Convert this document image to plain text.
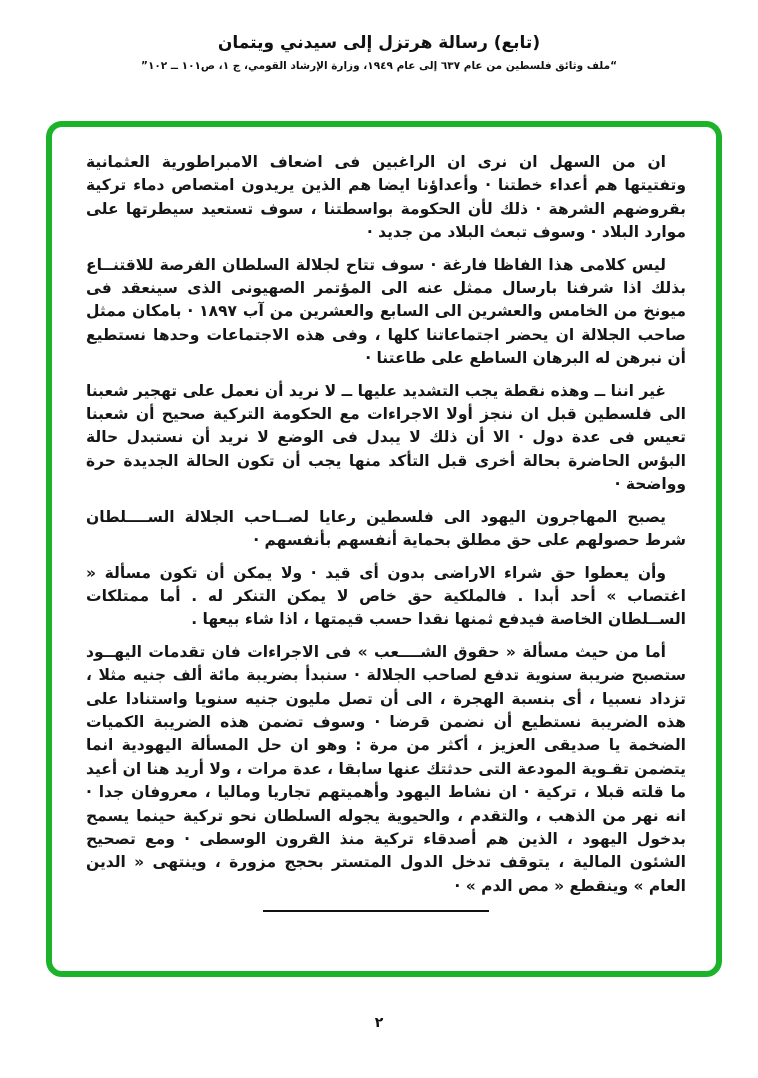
(تابع) رسالة هرتزل إلى سيدني ويتمان
“ملف وثائق فلسطين من عام ٦٣٧ إلى عام ١٩٤٩، وزارة الإرشاد القومي، ج ١، ص١٠١ ــ ١٠٢”

ان من السهل ان نرى ان الراغبين فى اضعاف الامبراطورية العثمانية وتفتيتها هم أعداء خطتنا · وأعداؤنا ايضا هم الذين يريدون امتصاص دماء تركية بقروضهم الشرهة · ذلك لأن الحكومة بواسطتنا ، سوف تستعيد سيطرتها على موارد البلاد · وسوف تبعث البلاد من جديد ·

ليس كلامى هذا الفاظا فارغة · سوف تتاح لجلالة السلطان الفرصة للاقتنــاع بذلك اذا شرفنا بارسال ممثل عنه الى المؤتمر الصهيونى الذى سينعقد فى ميونخ من الخامس والعشرين الى السابع والعشرين من آب ١٨٩٧ · بامكان ممثل صاحب الجلالة ان يحضر اجتماعاتنا كلها ، وفى هذه الاجتماعات وحدها نستطيع أن نبرهن له البرهان الساطع على طاعتنا ·

غير اننا ــ وهذه نقطة يجب التشديد عليها ــ لا نريد أن نعمل على تهجير شعبنا الى فلسطين قبل ان ننجز أولا الاجراءات مع الحكومة التركية صحيح أن شعبنا تعيس فى عدة دول · الا أن ذلك لا يبدل فى الوضع لا نريد أن نستبدل حالة البؤس الحاضرة بحالة أخرى قبل التأكد منها يجب أن تكون الحالة الجديدة حرة وواضحة ·

يصبح المهاجرون اليهود الى فلسطين رعايا لصــاحب الجلالة الســــلطان شرط حصولهم على حق مطلق بحماية أنفسهم بأنفسهم ·

وأن يعطوا حق شراء الاراضى بدون أى قيد · ولا يمكن أن تكون مسألة « اغتصاب » أحد أبدا . فالملكية حق خاص لا يمكن التنكر له . أما ممتلكات الســلطان الخاصة فيدفع ثمنها نقدا حسب قيمتها ، اذا شاء بيعها .

أما من حيث مسألة « حقوق الشــــعب » فى الاجراءات فان تقدمات اليهــود ستصبح ضريبة سنوية تدفع لصاحب الجلالة · سنبدأ بضريبة مائة ألف جنيه مثلا ، تزداد نسبيا ، أى بنسبة الهجرة ، الى أن تصل مليون جنيه سنويا واستنادا على هذه الضريبة نستطيع أن نضمن قرضا · وسوف تضمن هذه الضريبة الكميات الضخمة يا صديقى العزيز ، أكثر من مرة : وهو ان حل المسألة اليهودية انما يتضمن تقـوية المودعة التى حدثتك عنها سابقا ، عدة مرات ، ولا أريد هنا ان أعيد ما قلته قبلا ، تركية · ان نشاط اليهود وأهميتهم تجاريا وماليا ، معروفان جدا · انه نهر من الذهب ، والتقدم ، والحيوية يجوله السلطان نحو تركية حينما يسمح بدخول اليهود ، الذين هم أصدقاء تركية منذ القرون الوسطى · ومع تصحيح الشئون المالية ، يتوقف تدخل الدول المتستر بحجج مزورة ، وينتهى « الدين العام » وينقطع « مص الدم » ·

٢
